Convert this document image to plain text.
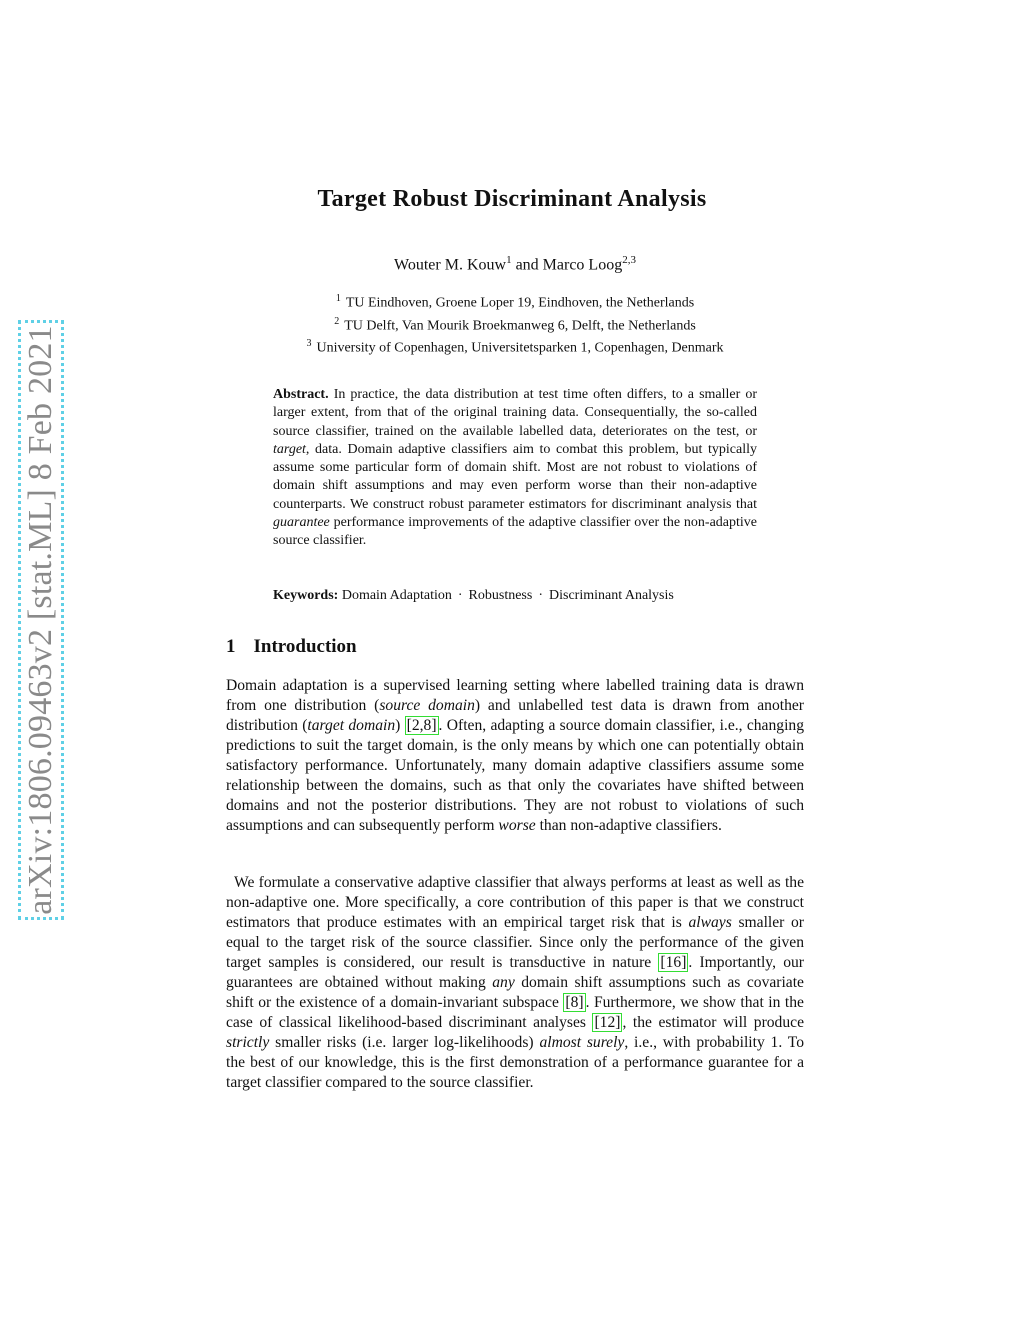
arXiv:1806.09463v2 [stat.ML] 8 Feb 2021
Target Robust Discriminant Analysis
Wouter M. Kouw$^1$ and Marco Loog$^{2,3}$
$^1$ TU Eindhoven, Groene Loper 19, Eindhoven, the Netherlands
$^2$ TU Delft, Van Mourik Broekmanweg 6, Delft, the Netherlands
$^3$ University of Copenhagen, Universitetsparken 1, Copenhagen, Denmark
Abstract. In practice, the data distribution at test time often differs, to a smaller or larger extent, from that of the original training data. Consequentially, the so-called source classifier, trained on the available labelled data, deteriorates on the test, or target, data. Domain adaptive classifiers aim to combat this problem, but typically assume some particular form of domain shift. Most are not robust to violations of domain shift assumptions and may even perform worse than their non-adaptive counterparts. We construct robust parameter estimators for discriminant analysis that guarantee performance improvements of the adaptive classifier over the non-adaptive source classifier.
Keywords: Domain Adaptation · Robustness · Discriminant Analysis
1 Introduction
Domain adaptation is a supervised learning setting where labelled training data is drawn from one distribution (source domain) and unlabelled test data is drawn from another distribution (target domain) [2,8] . Often, adapting a source domain classifier, i.e., changing predictions to suit the target domain, is the only means by which one can potentially obtain satisfactory performance. Unfortunately, many domain adaptive classifiers assume some relationship between the domains, such as that only the covariates have shifted between domains and not the posterior distributions. They are not robust to violations of such assumptions and can subsequently perform worse than non-adaptive classifiers.
We formulate a conservative adaptive classifier that always performs at least as well as the non-adaptive one. More specifically, a core contribution of this paper is that we construct estimators that produce estimates with an empirical target risk that is always smaller or equal to the target risk of the source classifier. Since only the performance of the given target samples is considered, our result is transductive in nature [16] . Importantly, our guarantees are obtained without making any domain shift assumptions such as covariate shift or the existence of a domain-invariant subspace [8] . Furthermore, we show that in the case of classical likelihood-based discriminant analyses [12] , the estimator will produce strictly smaller risks (i.e. larger log-likelihoods) almost surely, i.e., with probability 1. To the best of our knowledge, this is the first demonstration of a performance guarantee for a target classifier compared to the source classifier.
